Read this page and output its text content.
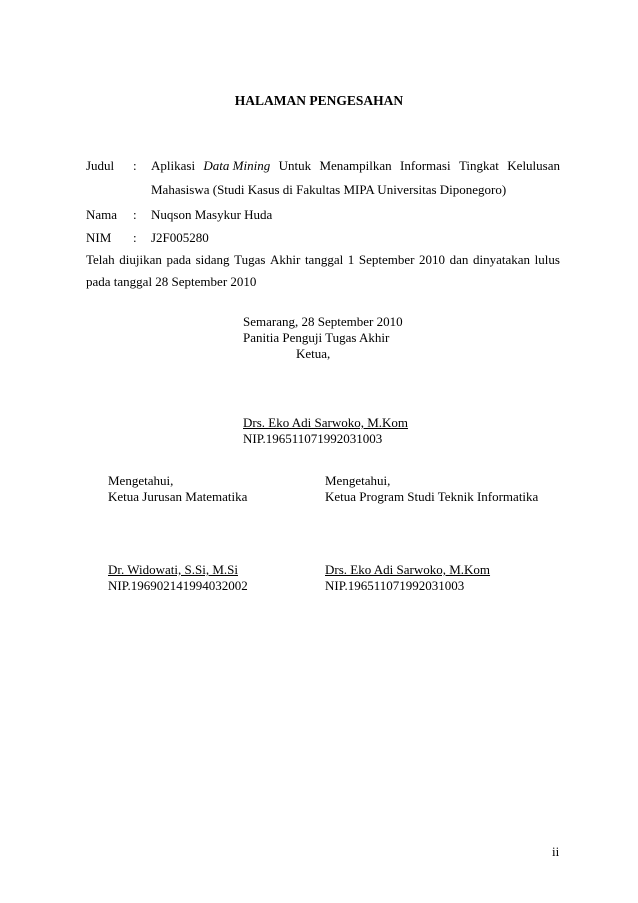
HALAMAN PENGESAHAN
Judul : Aplikasi Data Mining Untuk Menampilkan Informasi Tingkat Kelulusan
Mahasiswa (Studi Kasus di Fakultas MIPA Universitas Diponegoro)
Nama : Nuqson Masykur Huda
NIM : J2F005280
Telah diujikan pada sidang Tugas Akhir tanggal 1 September 2010 dan dinyatakan lulus
pada tanggal 28 September 2010
Semarang, 28 September 2010
Panitia Penguji Tugas Akhir
Ketua,
Drs. Eko Adi Sarwoko, M.Kom
NIP.196511071992031003
Mengetahui,
Ketua Jurusan Matematika
Dr. Widowati, S.Si, M.Si
NIP.196902141994032002
Mengetahui,
Ketua Program Studi Teknik Informatika
Drs. Eko Adi Sarwoko, M.Kom
NIP.196511071992031003
ii
